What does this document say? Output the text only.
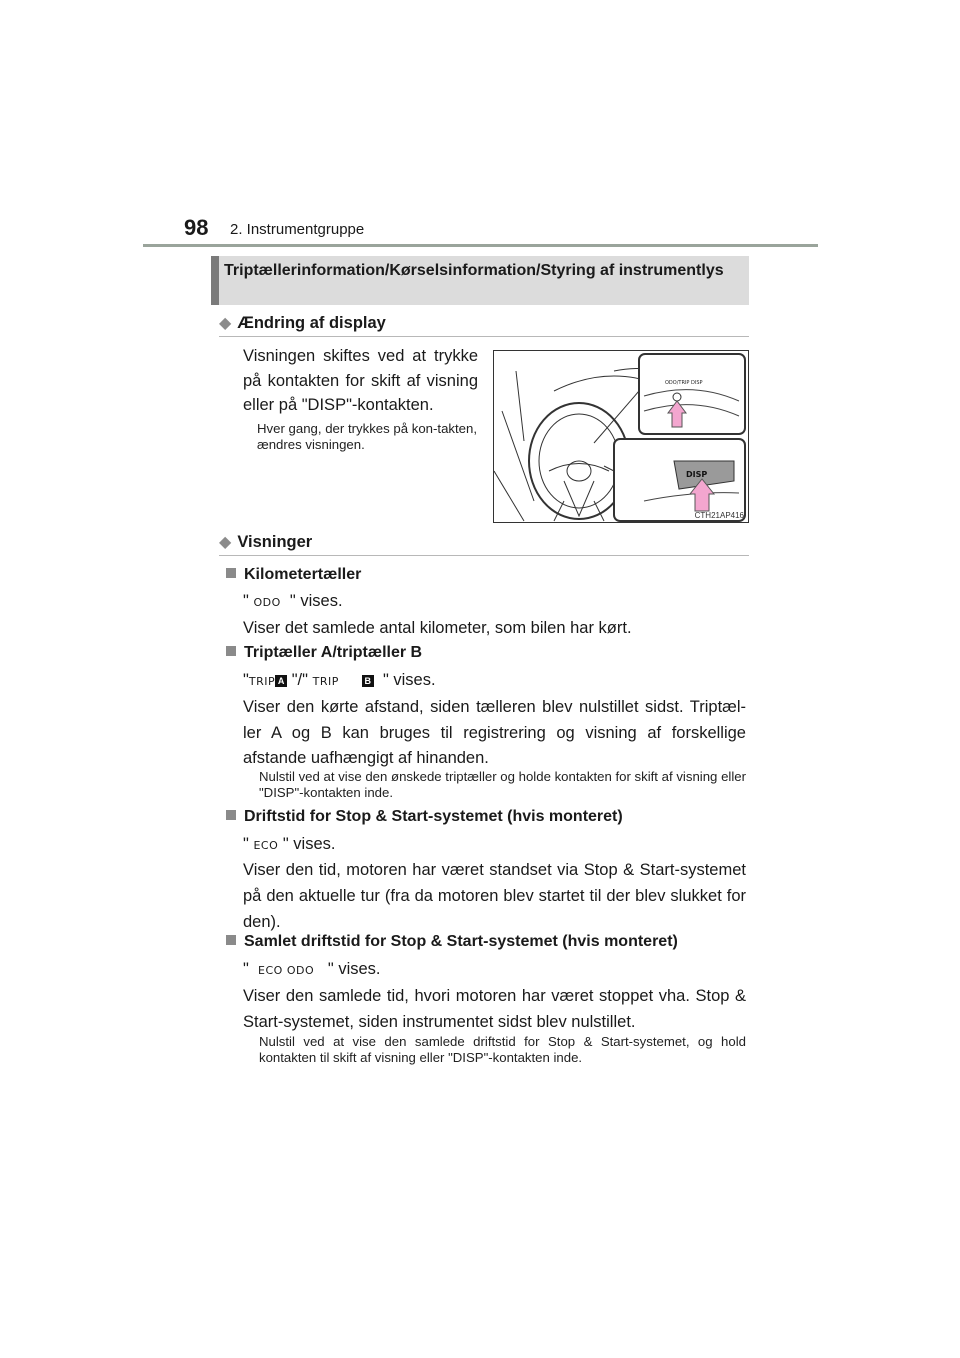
98 2. Instrumentgruppe
Triptællerinformation/Kørselsinformation/Styring af instrumentlys
◆ Ændring af display
Visningen skiftes ved at trykke på kontakten for skift af visning eller på "DISP"-kontakten.
Hver gang, der trykkes på kon-takten, ændres visningen.
ODO/TRIP DISP
DISP
CTH21AP416
◆ Visninger
Kilometertæller
" ODO " vises.
Viser det samlede antal kilometer, som bilen har kørt.
Triptæller A/triptæller B
"TRIP A "/" TRIP	B " vises.
Viser den kørte afstand, siden tælleren blev nulstillet sidst. Triptæl-ler A og B kan bruges til registrering og visning af forskellige afstande uafhængigt af hinanden.
Nulstil ved at vise den ønskede triptæller og holde kontakten for skift af visning eller "DISP"-kontakten inde.
Driftstid for Stop & Start-systemet (hvis monteret)
" ECO " vises.
Viser den tid, motoren har været standset via Stop & Start-systemet på den aktuelle tur (fra da motoren blev startet til der blev slukket for den).
Samlet driftstid for Stop & Start-systemet (hvis monteret)
"  ECO ODO " vises.
Viser den samlede tid, hvori motoren har været stoppet vha. Stop & Start-systemet, siden instrumentet sidst blev nulstillet.
Nulstil ved at vise den samlede driftstid for Stop & Start-systemet, og hold kontakten til skift af visning eller "DISP"-kontakten inde.
